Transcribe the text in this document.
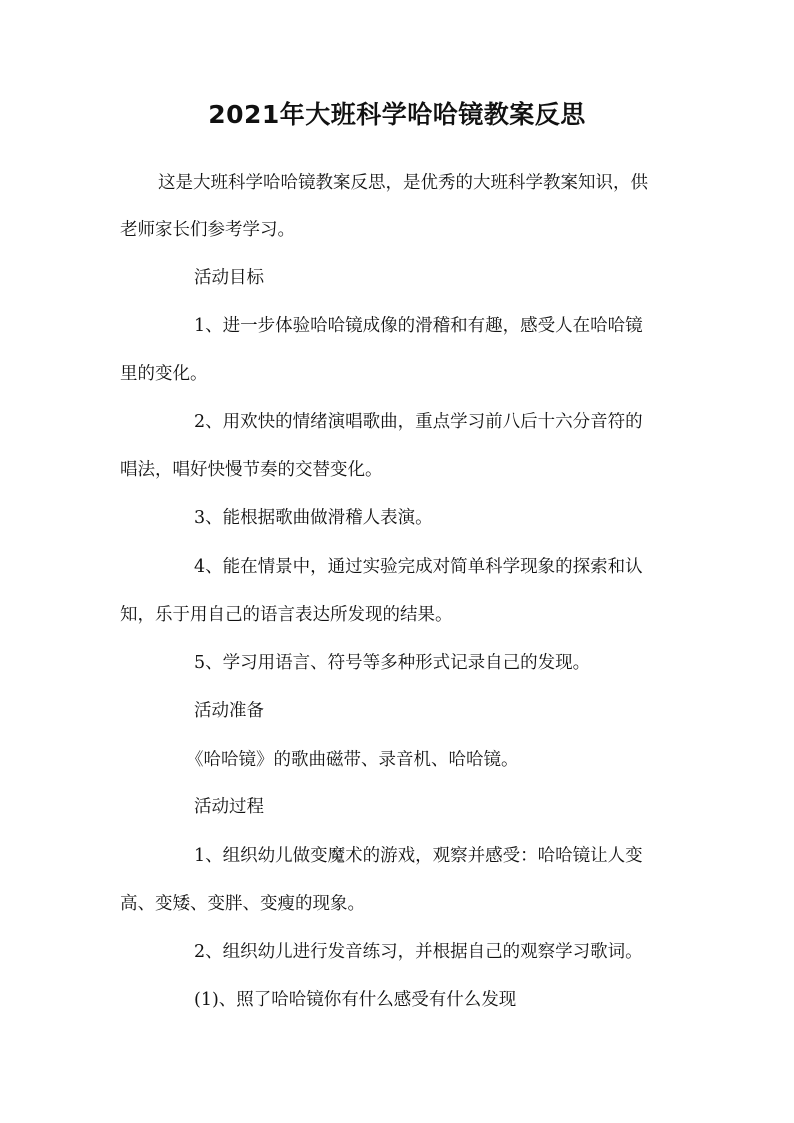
2021年大班科学哈哈镜教案反思
这是大班科学哈哈镜教案反思，是优秀的大班科学教案知识，供
老师家长们参考学习。
活动目标
1、进一步体验哈哈镜成像的滑稽和有趣，感受人在哈哈镜
里的变化。
2、用欢快的情绪演唱歌曲，重点学习前八后十六分音符的
唱法，唱好快慢节奏的交替变化。
3、能根据歌曲做滑稽人表演。
4、能在情景中，通过实验完成对简单科学现象的探索和认
知，乐于用自己的语言表达所发现的结果。
5、学习用语言、符号等多种形式记录自己的发现。
活动准备
《哈哈镜》的歌曲磁带、录音机、哈哈镜。
活动过程
1、组织幼儿做变魔术的游戏，观察并感受：哈哈镜让人变
高、变矮、变胖、变瘦的现象。
2、组织幼儿进行发音练习，并根据自己的观察学习歌词。
(1)、照了哈哈镜你有什么感受有什么发现
